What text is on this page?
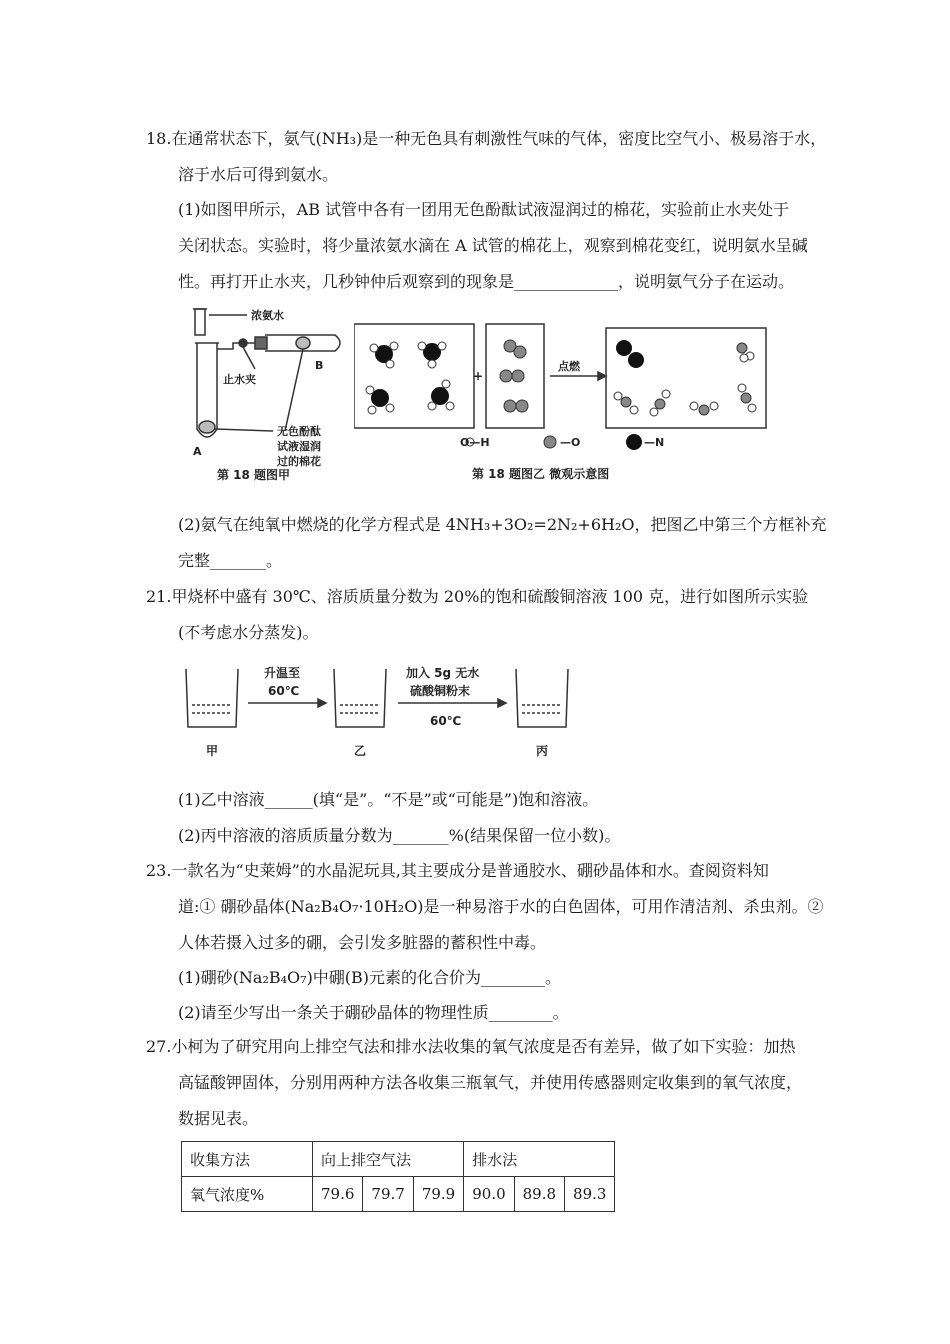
18.在通常状态下，氨气(NH₃)是一种无色具有刺激性气味的气体，密度比空气小、极易溶于水，
溶于水后可得到氨水。
(1)如图甲所示，AB 试管中各有一团用无色酚酞试液湿润过的棉花，实验前止水夹处于
关闭状态。实验时，将少量浓氨水滴在 A 试管的棉花上，观察到棉花变红，说明氨水呈碱
性。再打开止水夹，几秒钟仲后观察到的现象是_____________，说明氨气分子在运动。
浓氨水
B
止水夹
无色酚酞
试液湿润
过的棉花
A
第 18 题图甲
+
点燃
O—H	—O	—N
第 18 题图乙 微观示意图
(2)氨气在纯氧中燃烧的化学方程式是 4NH₃+3O₂=2N₂+6H₂O，把图乙中第三个方框补充
完整_______。
21.甲烧杯中盛有 30℃、溶质质量分数为 20%的饱和硫酸铜溶液 100 克，进行如图所示实验
(不考虑水分蒸发)。
升温至
60℃
加入 5g 无水
硫酸铜粉末
60℃
甲	乙	丙
(1)乙中溶液______(填“是”。“不是”或“可能是”)饱和溶液。
(2)丙中溶液的溶质质量分数为_______%(结果保留一位小数)。
23.一款名为“史莱姆”的水晶泥玩具,其主要成分是普通胶水、硼砂晶体和水。查阅资料知
道:① 硼砂晶体(Na₂B₄O₇·10H₂O)是一种易溶于水的白色固体，可用作清洁剂、杀虫剂。②
人体若摄入过多的硼，会引发多脏器的蓄积性中毒。
(1)硼砂(Na₂B₄O₇)中硼(B)元素的化合价为________。
(2)请至少写出一条关于硼砂晶体的物理性质________。
27.小柯为了研究用向上排空气法和排水法收集的氧气浓度是否有差异，做了如下实验：加热
高锰酸钾固体，分别用两种方法各收集三瓶氧气，并使用传感器则定收集到的氧气浓度，
数据见表。
收集方法	向上排空气法			排水法		
氧气浓度%	79.6	79.7	79.9	90.0	89.8	89.3
